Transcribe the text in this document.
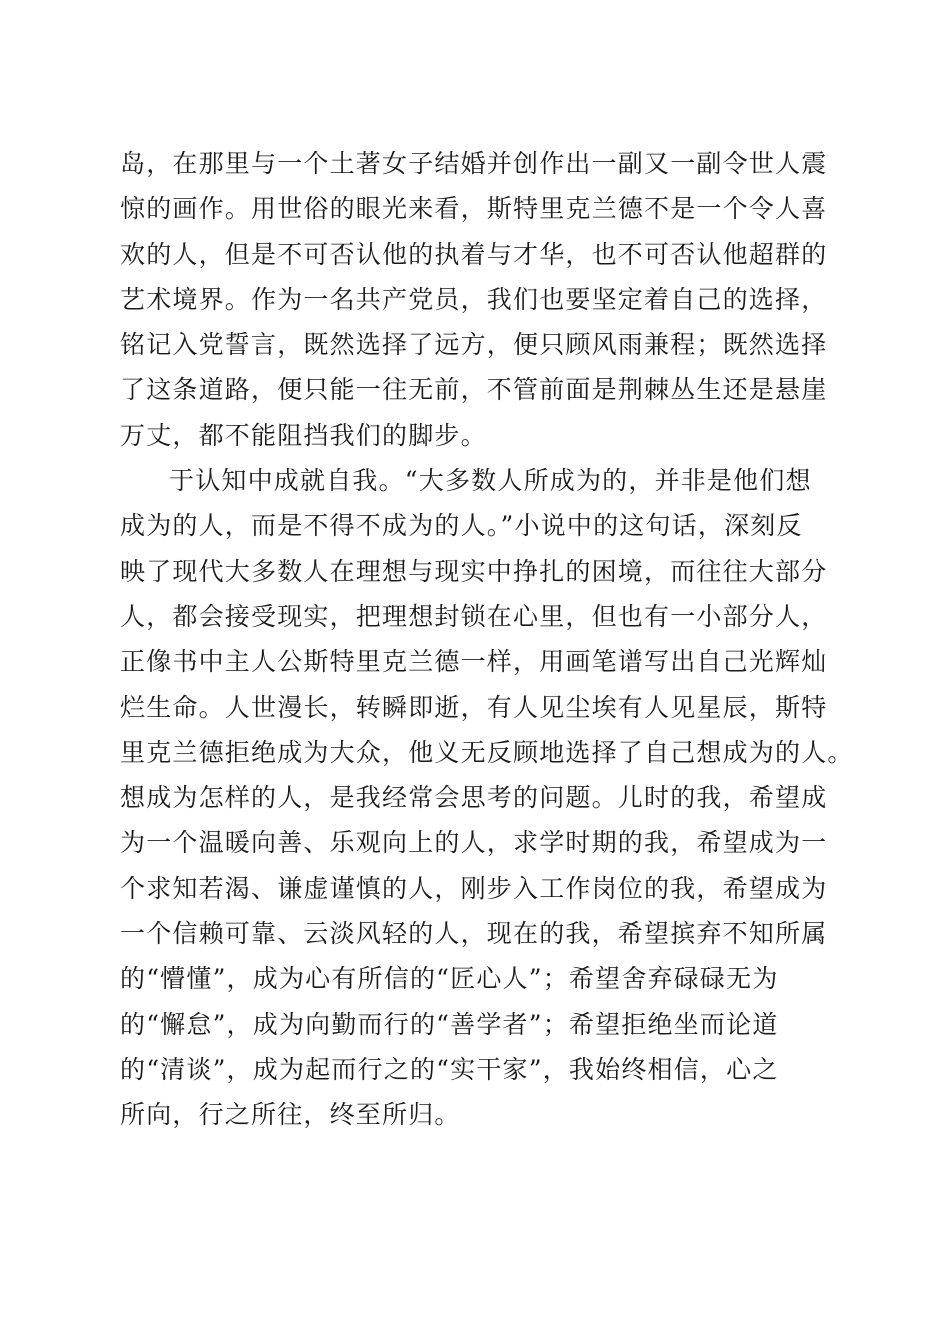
岛，在那里与一个土著女子结婚并创作出一副又一副令世人震
惊的画作。用世俗的眼光来看，斯特里克兰德不是一个令人喜
欢的人，但是不可否认他的执着与才华，也不可否认他超群的
艺术境界。作为一名共产党员，我们也要坚定着自己的选择，
铭记入党誓言，既然选择了远方，便只顾风雨兼程；既然选择
了这条道路，便只能一往无前，不管前面是荆棘丛生还是悬崖
万丈，都不能阻挡我们的脚步。
于认知中成就自我。“大多数人所成为的，并非是他们想
成为的人，而是不得不成为的人。”小说中的这句话，深刻反
映了现代大多数人在理想与现实中挣扎的困境，而往往大部分
人，都会接受现实，把理想封锁在心里，但也有一小部分人，
正像书中主人公斯特里克兰德一样，用画笔谱写出自己光辉灿
烂生命。人世漫长，转瞬即逝，有人见尘埃有人见星辰，斯特
里克兰德拒绝成为大众，他义无反顾地选择了自己想成为的人。
想成为怎样的人，是我经常会思考的问题。儿时的我，希望成
为一个温暖向善、乐观向上的人，求学时期的我，希望成为一
个求知若渴、谦虚谨慎的人，刚步入工作岗位的我，希望成为
一个信赖可靠、云淡风轻的人，现在的我，希望摈弃不知所属
的“懵懂”，成为心有所信的“匠心人”；希望舍弃碌碌无为
的“懈怠”，成为向勤而行的“善学者”；希望拒绝坐而论道
的“清谈”，成为起而行之的“实干家”，我始终相信，心之
所向，行之所往，终至所归。
